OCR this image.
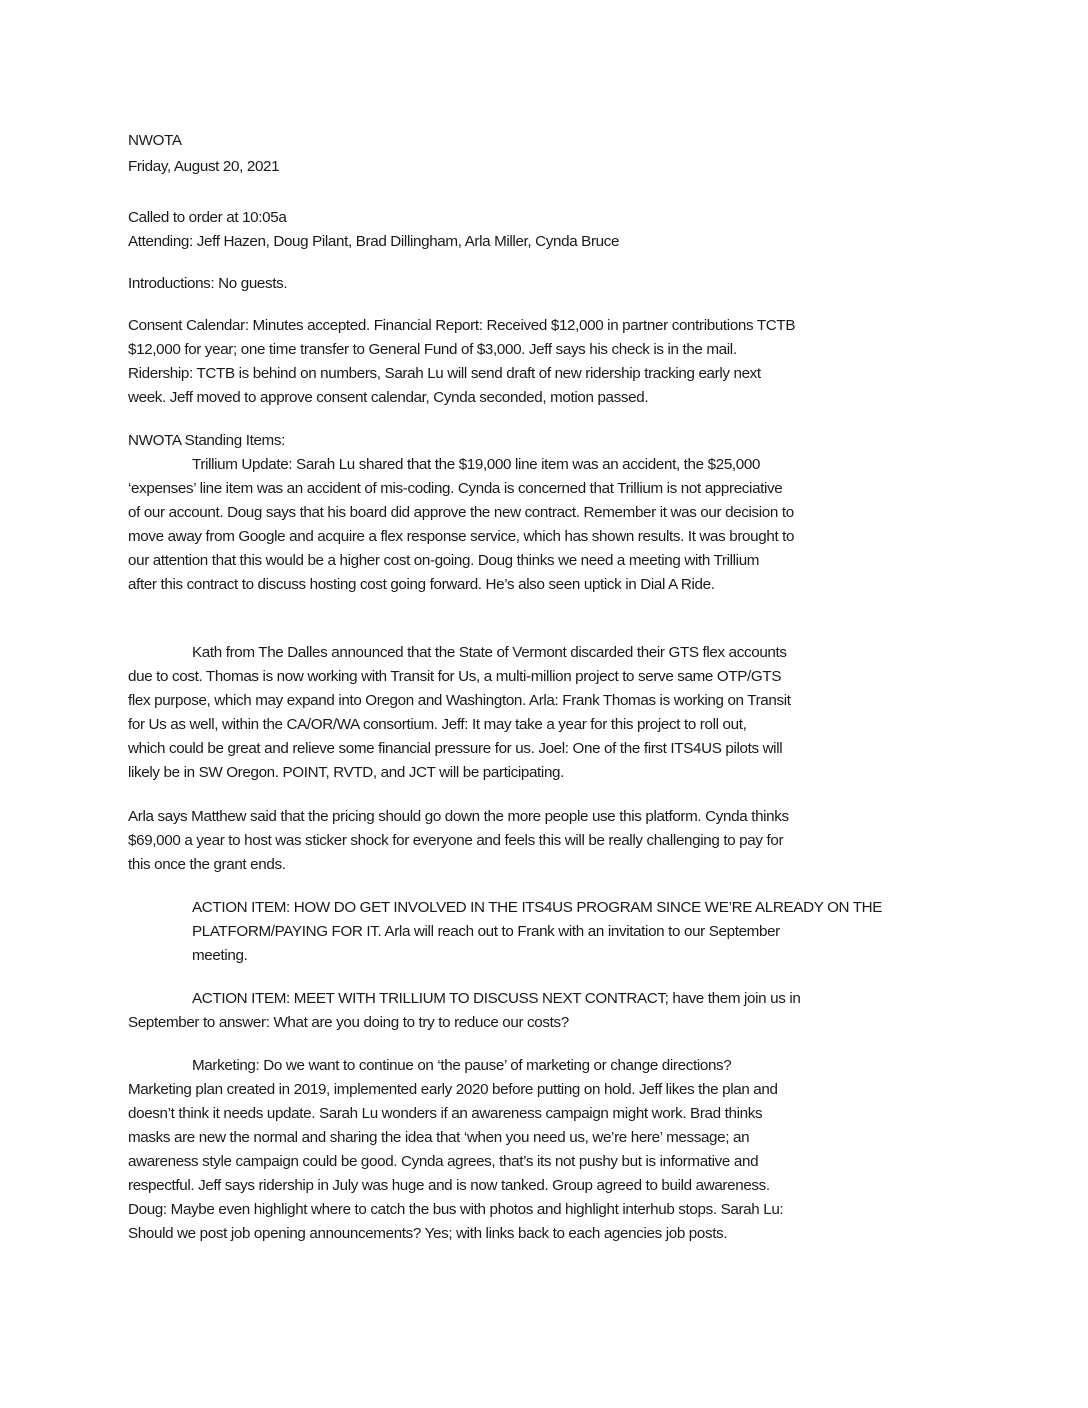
NWOTA
Friday, August 20, 2021
Called to order at 10:05a
Attending: Jeff Hazen, Doug Pilant, Brad Dillingham, Arla Miller, Cynda Bruce
Introductions: No guests.
Consent Calendar: Minutes accepted. Financial Report: Received $12,000 in partner contributions TCTB
$12,000 for year; one time transfer to General Fund of $3,000. Jeff says his check is in the mail.
Ridership: TCTB is behind on numbers, Sarah Lu will send draft of new ridership tracking early next
week. Jeff moved to approve consent calendar, Cynda seconded, motion passed.
NWOTA Standing Items:
Trillium Update: Sarah Lu shared that the $19,000 line item was an accident, the $25,000
‘expenses’ line item was an accident of mis-coding. Cynda is concerned that Trillium is not appreciative
of our account. Doug says that his board did approve the new contract. Remember it was our decision to
move away from Google and acquire a flex response service, which has shown results. It was brought to
our attention that this would be a higher cost on-going. Doug thinks we need a meeting with Trillium
after this contract to discuss hosting cost going forward. He’s also seen uptick in Dial A Ride.
Kath from The Dalles announced that the State of Vermont discarded their GTS flex accounts
due to cost. Thomas is now working with Transit for Us, a multi-million project to serve same OTP/GTS
flex purpose, which may expand into Oregon and Washington. Arla: Frank Thomas is working on Transit
for Us as well, within the CA/OR/WA consortium. Jeff: It may take a year for this project to roll out,
which could be great and relieve some financial pressure for us. Joel: One of the first ITS4US pilots will
likely be in SW Oregon. POINT, RVTD, and JCT will be participating.
Arla says Matthew said that the pricing should go down the more people use this platform. Cynda thinks
$69,000 a year to host was sticker shock for everyone and feels this will be really challenging to pay for
this once the grant ends.
ACTION ITEM: HOW DO GET INVOLVED IN THE ITS4US PROGRAM SINCE WE’RE ALREADY ON THE
PLATFORM/PAYING FOR IT. Arla will reach out to Frank with an invitation to our September
meeting.
ACTION ITEM: MEET WITH TRILLIUM TO DISCUSS NEXT CONTRACT; have them join us in
September to answer: What are you doing to try to reduce our costs?
Marketing: Do we want to continue on ‘the pause’ of marketing or change directions?
Marketing plan created in 2019, implemented early 2020 before putting on hold. Jeff likes the plan and
doesn’t think it needs update. Sarah Lu wonders if an awareness campaign might work. Brad thinks
masks are new the normal and sharing the idea that ‘when you need us, we’re here’ message; an
awareness style campaign could be good. Cynda agrees, that’s its not pushy but is informative and
respectful. Jeff says ridership in July was huge and is now tanked. Group agreed to build awareness.
Doug: Maybe even highlight where to catch the bus with photos and highlight interhub stops. Sarah Lu:
Should we post job opening announcements? Yes; with links back to each agencies job posts.
